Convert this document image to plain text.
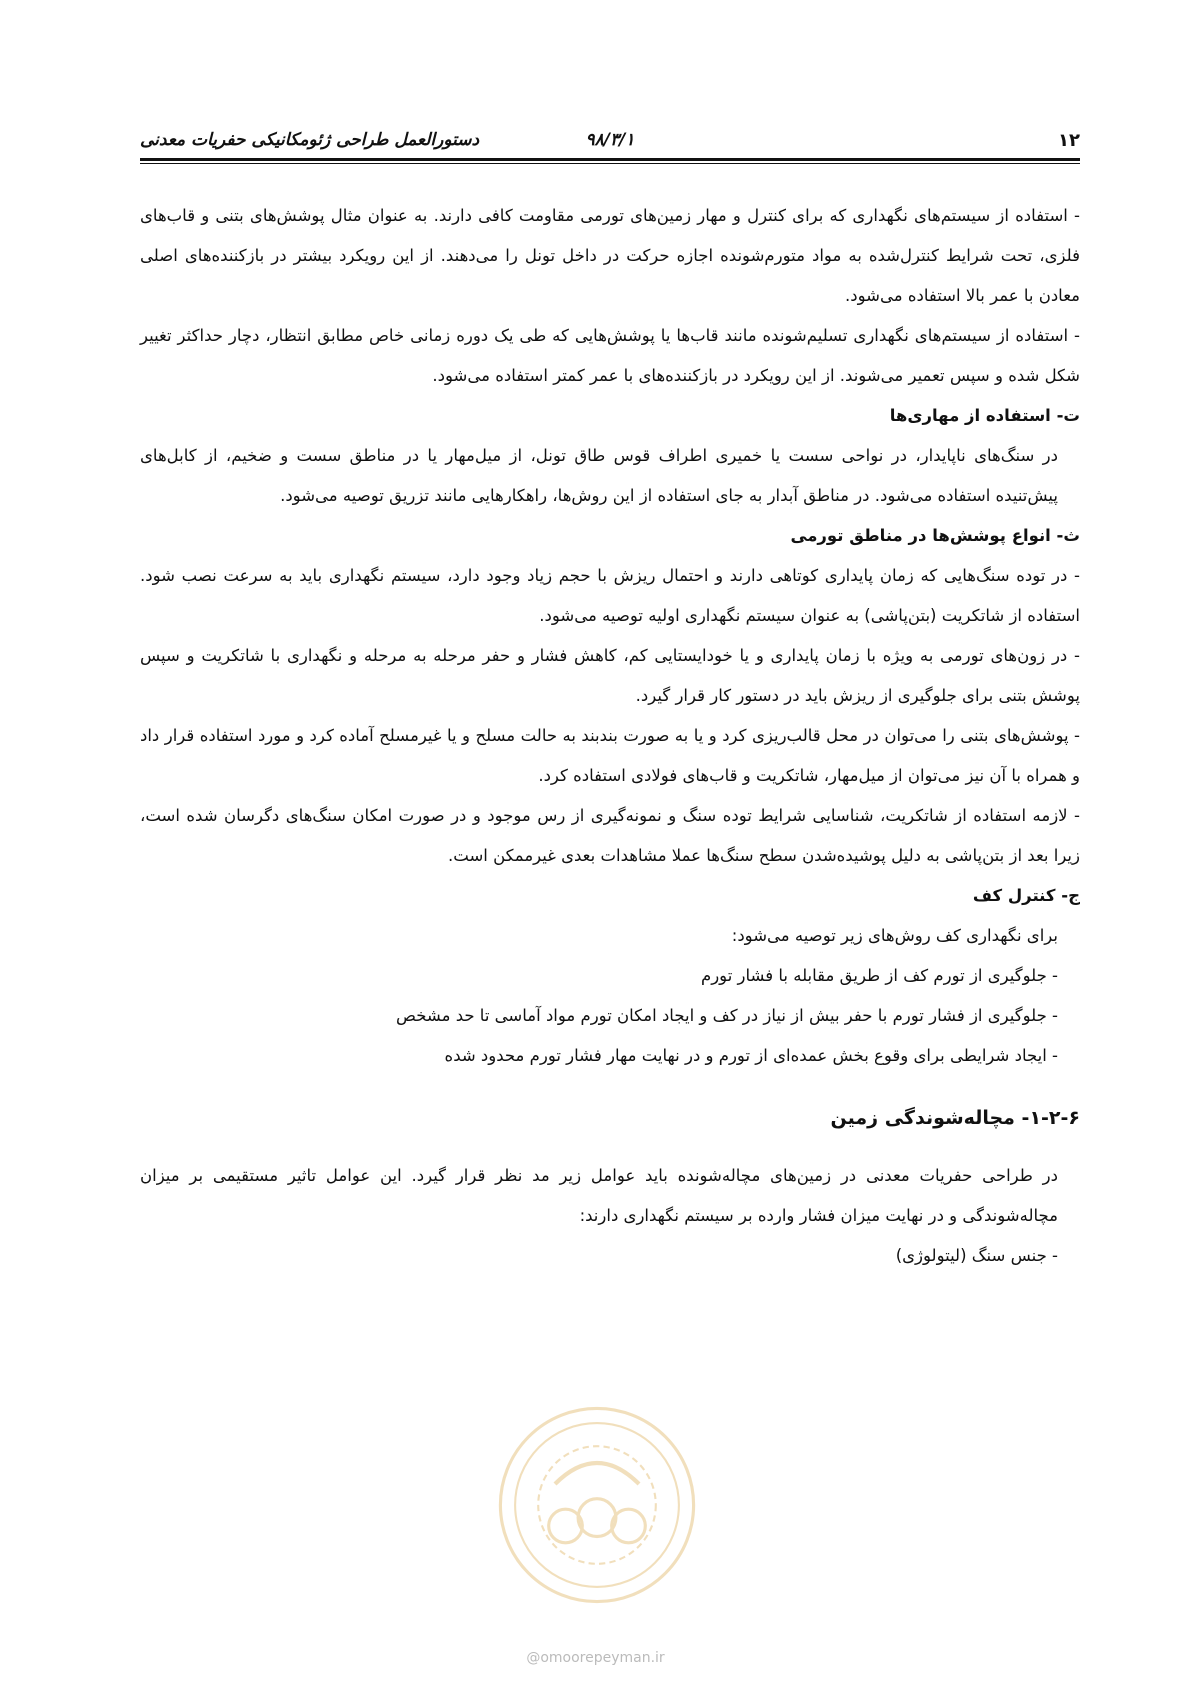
۱۲
۹۸/۳/۱
دستورالعمل طراحی ژئومکانیکی حفریات معدنی

- استفاده از سیستم‌های نگهداری که برای کنترل و مهار زمین‌های تورمی مقاومت کافی دارند. به عنوان مثال پوشش‌های بتنی و قاب‌های فلزی، تحت شرایط کنترل‌شده به مواد متورم‌شونده اجازه حرکت در داخل تونل را می‌دهند. از این رویکرد بیشتر در بازکننده‌های اصلی معادن با عمر بالا استفاده می‌شود.

- استفاده از سیستم‌های نگهداری تسلیم‌شونده مانند قاب‌ها یا پوشش‌هایی که طی یک دوره زمانی خاص مطابق انتظار، دچار حداکثر تغییر شکل شده و سپس تعمیر می‌شوند. از این رویکرد در بازکننده‌های با عمر کمتر استفاده می‌شود.

ت- استفاده از مهاری‌ها

در سنگ‌های ناپایدار، در نواحی سست یا خمیری اطراف قوس طاق تونل، از میل‌مهار یا در مناطق سست و ضخیم، از کابل‌های پیش‌تنیده استفاده می‌شود. در مناطق آبدار به جای استفاده از این روش‌ها، راهکارهایی مانند تزریق توصیه می‌شود.

ث- انواع پوشش‌ها در مناطق تورمی

- در توده سنگ‌هایی که زمان پایداری کوتاهی دارند و احتمال ریزش با حجم زیاد وجود دارد، سیستم نگهداری باید به سرعت نصب شود. استفاده از شاتکریت (بتن‌پاشی) به عنوان سیستم نگهداری اولیه توصیه می‌شود.

- در زون‌های تورمی به ویژه با زمان پایداری و یا خودایستایی کم، کاهش فشار و حفر مرحله به مرحله و نگهداری با شاتکریت و سپس پوشش بتنی برای جلوگیری از ریزش باید در دستور کار قرار گیرد.

- پوشش‌های بتنی را می‌توان در محل قالب‌ریزی کرد و یا به صورت بندبند به حالت مسلح و یا غیرمسلح آماده کرد و مورد استفاده قرار داد و همراه با آن نیز می‌توان از میل‌مهار، شاتکریت و قاب‌های فولادی استفاده کرد.

- لازمه استفاده از شاتکریت، شناسایی شرایط توده سنگ و نمونه‌گیری از رس موجود و در صورت امکان سنگ‌های دگرسان شده است، زیرا بعد از بتن‌پاشی به دلیل پوشیده‌شدن سطح سنگ‌ها عملا مشاهدات بعدی غیرممکن است.

ج- کنترل کف

برای نگهداری کف روش‌های زیر توصیه می‌شود:

- جلوگیری از تورم کف از طریق مقابله با فشار تورم

- جلوگیری از فشار تورم با حفر بیش از نیاز در کف و ایجاد امکان تورم مواد آماسی تا حد مشخص

- ایجاد شرایطی برای وقوع بخش عمده‌ای از تورم و در نهایت مهار فشار تورم محدود شده

۱-۲-۶- مچاله‌شوندگی زمین

در طراحی حفریات معدنی در زمین‌های مچاله‌شونده باید عوامل زیر مد نظر قرار گیرد. این عوامل تاثیر مستقیمی بر میزان مچاله‌شوندگی و در نهایت میزان فشار وارده بر سیستم نگهداری دارند:

- جنس سنگ (لیتولوژی)

@omoorepeyman.ir
